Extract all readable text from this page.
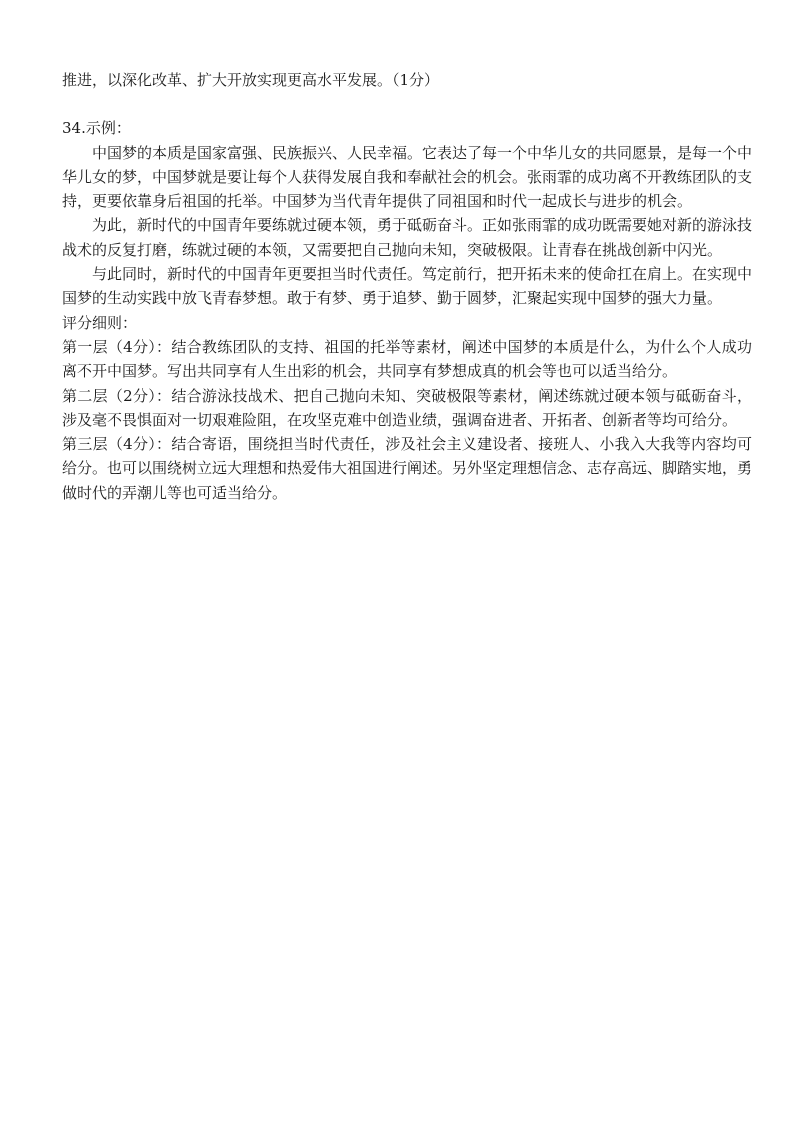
推进，以深化改革、扩大开放实现更高水平发展。（1分）

34.示例：

中国梦的本质是国家富强、民族振兴、人民幸福。它表达了每一个中华儿女的共同愿景，是每一个中华儿女的梦，中国梦就是要让每个人获得发展自我和奉献社会的机会。张雨霏的成功离不开教练团队的支持，更要依靠身后祖国的托举。中国梦为当代青年提供了同祖国和时代一起成长与进步的机会。

为此，新时代的中国青年要练就过硬本领，勇于砥砺奋斗。正如张雨霏的成功既需要她对新的游泳技战术的反复打磨，练就过硬的本领，又需要把自己抛向未知，突破极限。让青春在挑战创新中闪光。

与此同时，新时代的中国青年更要担当时代责任。笃定前行，把开拓未来的使命扛在肩上。在实现中国梦的生动实践中放飞青春梦想。敢于有梦、勇于追梦、勤于圆梦，汇聚起实现中国梦的强大力量。

评分细则：

第一层（4分）：结合教练团队的支持、祖国的托举等素材，阐述中国梦的本质是什么，为什么个人成功离不开中国梦。写出共同享有人生出彩的机会，共同享有梦想成真的机会等也可以适当给分。

第二层（2分）：结合游泳技战术、把自己抛向未知、突破极限等素材，阐述练就过硬本领与砥砺奋斗，涉及毫不畏惧面对一切艰难险阻，在攻坚克难中创造业绩，强调奋进者、开拓者、创新者等均可给分。

第三层（4分）：结合寄语，围绕担当时代责任，涉及社会主义建设者、接班人、小我入大我等内容均可给分。也可以围绕树立远大理想和热爱伟大祖国进行阐述。另外坚定理想信念、志存高远、脚踏实地，勇做时代的弄潮儿等也可适当给分。
